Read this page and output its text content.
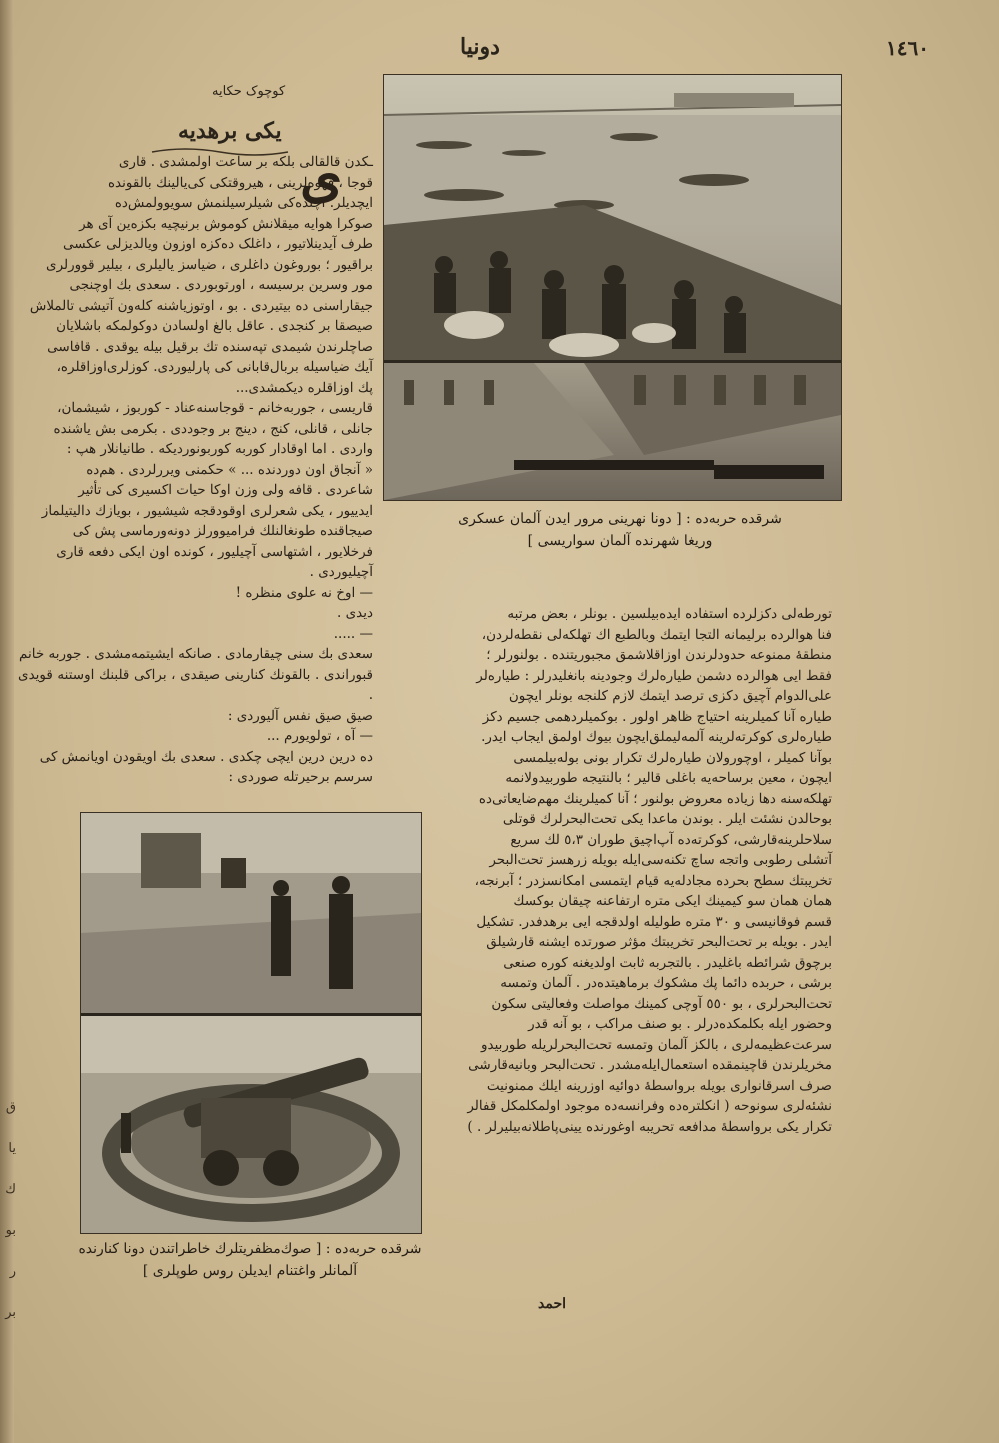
١٤٦٠
دونیا
کوچوک حکایه
یکی برهدیه
ی

ـکدن قالقالی بلکه بر ساعت اولمشدی . قاری

قوجا ، قهوه‌لرینی ، هیروقتکی کی‌یالینك بالقونده

ایچدیلر. اچنده‌کی شیلرسیلنمش سویوولمش‌ده

صوکرا هوایه میقلانش کوموش برنیچیه بکزه‌ین آی هر

طرف آیدینلاتیور ، داغلک ده‌کزه اوزون ویالدیزلی عکسی

براقیور ؛ بوروغون داغلری ، ضیاسز یالیلری ، بیلیر قوورلری

مور وسرین برسیسه ، اورتوبوردی . سعدی بك اوچنجی

جیقاراسنی ده بیتیردی . بو ، اوتوزیاشنه کله‌ون آتیشی تالملاش

صیصقا بر کنجدی . عاقل بالغ اولسادن دوکولمکه باشلایان

صاچلرندن شیمدی تپه‌سنده تك برقیل بیله یوقدی . قافاسی

آیك ضیاسیله بربال‌قابانی کی پارلیوردی. کوزلری‌اوزاقلره،

پك اوزاقلره دیکمشدی...

قاریسی ، جوربه‌خانم - قوجاسنه‌عناد - کوربوز ، شیشمان،

جانلی ، قانلی، کنج ، دینج بر وجوددی . بکرمی بش یاشنده

واردی . اما اوقادار کوربه کوربونوردیکه . طانیانلار هپ :

« آنجاق اون دوردنده ... » حکمنی ویررلردی . هم‌ده

شاعردی . قافه ولی وزن اوکا حیات اکسیری کی تأثیر

ایدییور ، یکی شعرلری اوقودقجه شیشیور ، بویازك دالیتیلماز

صیجاقنده طونغالنلك فرامیوورلز دونه‌ورماسی پش کی

فرخلایور ، اشتهاسی آچیلیور ، کونده اون ایکی دفعه قاری

آچیلیوردی .

— اوخ نه علوی منظره !

دیدی .

— .....

سعدی بك سنی چیقارمادی . صانکه ایشیتمه‌مشدی . جوربه خانم

قبوراندی . بالقونك کنارینی صیقدی ، براکی قلبنك اوستنه قویدی .

صیق صیق نفس آلیوردی :

— آه ، تولویورم ...

ده درین درین ایچی چکدی . سعدی بك اویقودن اویانمش کی

سرسم برحیرتله صوردی :

شرقده حربه‌ده : [ دونا نهرینی مرور ایدن آلمان عسکری

وریغا شهرنده آلمان سواریسی ]

تورطه‌لی دکزلرده استفاده ایده‌بیلسین . بونلر ، بعض مرتبه

فنا هوالرده برلیمانه التجا ایتمك وبالطبع اك تهلکه‌لی نقطه‌لردن،

منطقهٔ ممنوعه حدودلرندن اوزاقلاشمق مجبوریتنده . بولنورلر ؛

فقط ایی هوالرده دشمن طیاره‌لرك وجودینه بانغلیدرلر : طیاره‌لر

علی‌الدوام آچیق دکزی ترصد ایتمك لازم کلنجه بونلر ایچون

طیاره آنا کمیلرینه احتیاج ظاهر اولور . بوکمیلردهمی جسیم دکز

طیاره‌لری کوکرته‌لرینه آلمه‌لیملق‌ایچون بیوك اولمق ایجاب ایدر.

بوآنا کمیلر ، اوچورولان طیاره‌لرك تکرار بونی بوله‌بیلمسی

ایچون ، معین برساحه‌یه باغلی قالیر ؛ بالنتیجه طوربیدولانمه

تهلکه‌سنه دها زیاده معروض بولنور ؛ آنا کمیلرینك مهم‌ضایعاتی‌ده

بوحالدن نشئت ایلر . بوندن ماعدا یکی تحت‌البحرلرك قوتلی

سلاحلرینه‌قارشی، کوکرته‌ده آپ‌اچیق طوران ٥،٣ لك سریع

آتشلی رطوبی واتجه ساچ تکنه‌سی‌ایله بویله زرهسز تحت‌البحر

تخریبتك سطح بحرده مجادله‌یه قیام ایتمسی امکانسزدر ؛ آبرنجه،

همان همان سو کیمینك ایکی متره ارتفاعنه چیقان بوکسك

قسم فوقانیسی و ٣٠ متره طولیله اولدقجه ایی برهدفدر. تشکیل

ایدر . بویله بر تحت‌البحر تخریبتك مؤثر صورتده ایشنه قارشیلق

برچوق شرائطه باغلیدر . بالتجربه ثابت اولدیغنه کوره صنعی

برشی ، حربده دائما پك مشکوك برماهیتده‌در . آلمان وتمسه

تحت‌البحرلری ، بو ٥٥٠ آوچی کمینك مواصلت وفعالیتی سکون

وحضور ایله بکلمکده‌درلر . بو صنف مراکب ، بو آنه قدر

سرعت‌عظیمه‌لری ، بالکز آلمان وتمسه تحت‌البحرلریله طوربیدو

مخریلرندن قاچینمقده استعمال‌ایله‌مشدر . تحت‌البحر وبانیه‌قارشی

صرف اسرقانواری بویله برواسطهٔ دوائیه اوزرینه ایلك ممنونیت

نشئه‌لری سونوحه ( انکلتره‌ده وفرانسه‌ده موجود اولمکلمکل قفالر

تکرار یکی برواسطهٔ مدافعه تحریبه اوغورنده یینی‌پاطلانه‌بیلیرلر . )

احمد

شرقده حربه‌ده : [ صوك‌مظفریتلرك خاطراتندن دونا کنارنده

آلمانلر واغتنام ایدیلن روس طوپلری ]

ق
یا
ك
بو
ر
بر
